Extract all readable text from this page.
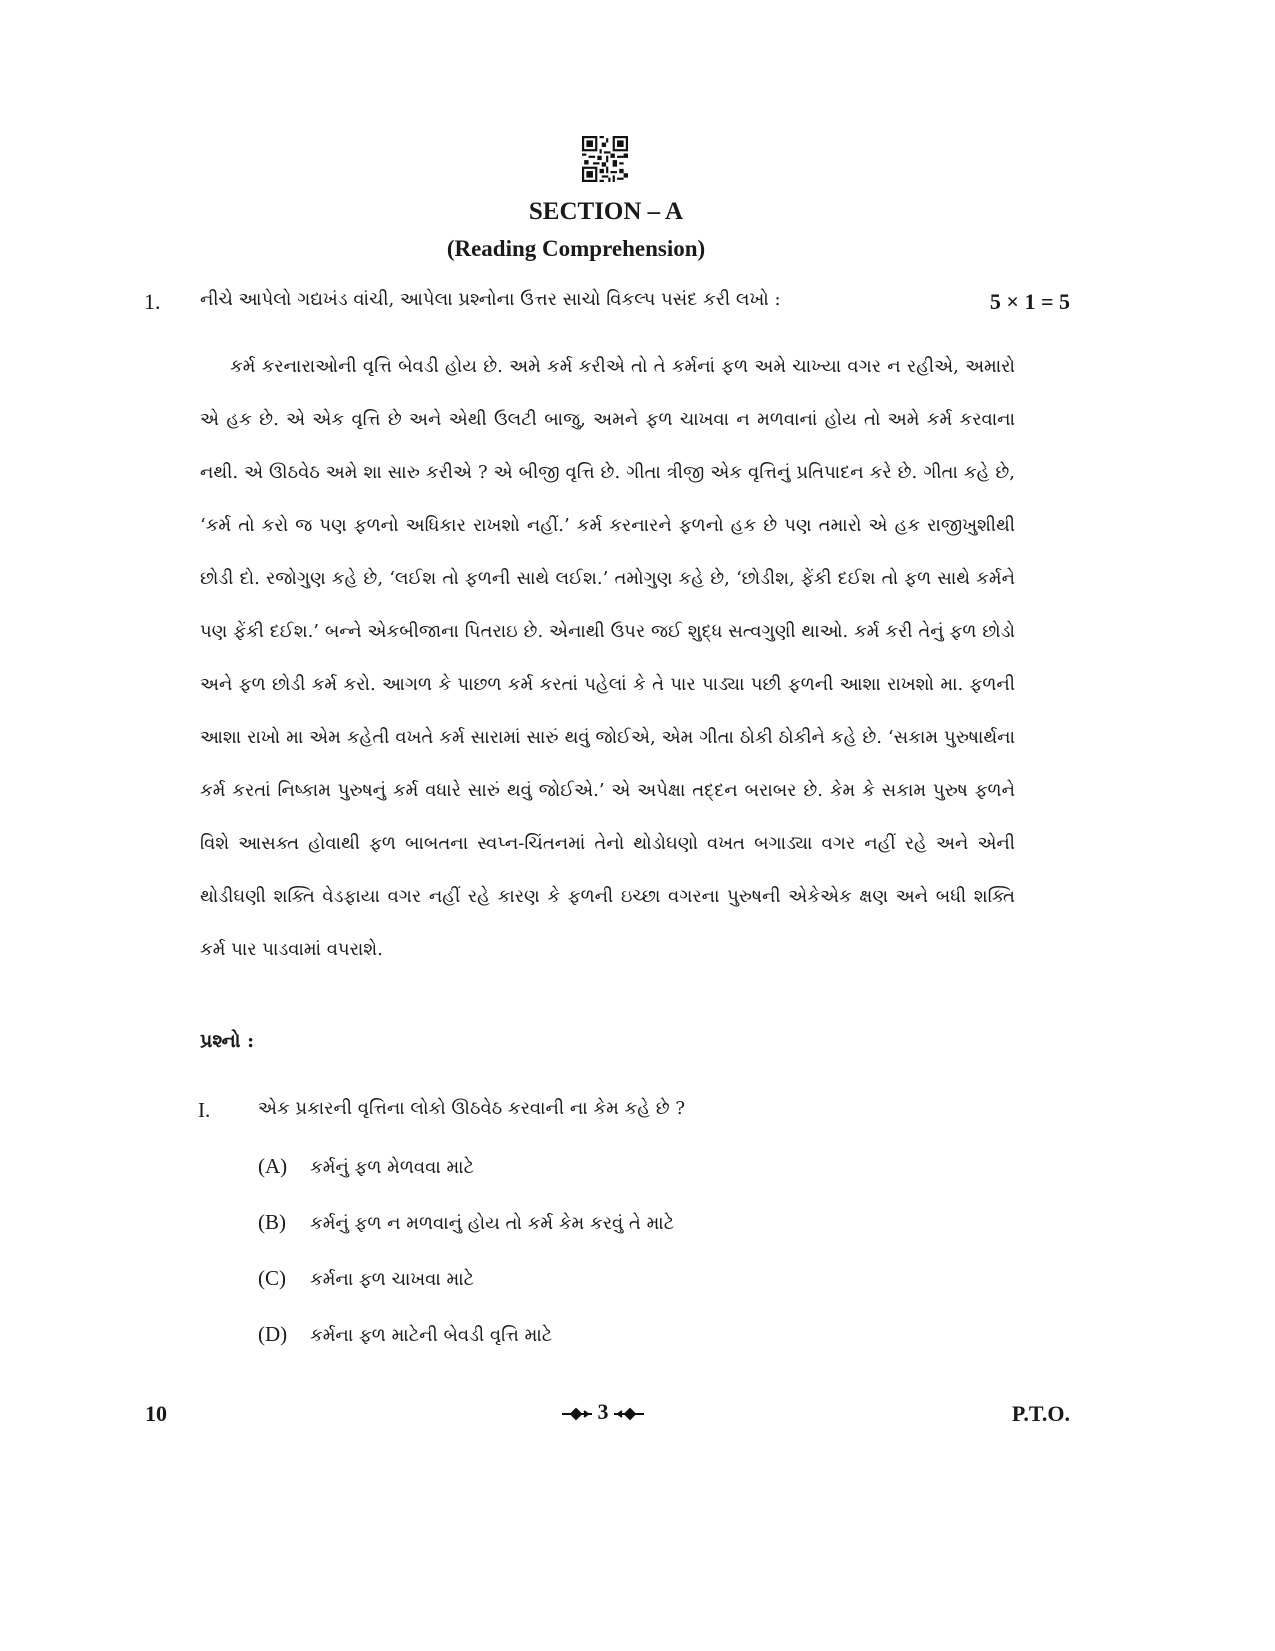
SECTION – A
(Reading Comprehension)
1. નીચે આપેલો ગદ્યખંડ વાંચી, આપેલા પ્રશ્નોના ઉત્તર સાચો વિકલ્પ પસંદ કરી લખો :	5 × 1 = 5

કર્મ કરનારાઓની વૃત્તિ બેવડી હોય છે. અમે કર્મ કરીએ તો તે કર્મનાં ફળ અમે ચાખ્યા વગર ન રહીએ, અમારો એ હક છે. એ એક વૃત્તિ છે અને એથી ઉલટી બાજુ, અમને ફળ ચાખવા ન મળવાનાં હોય તો અમે કર્મ કરવાના નથી. એ ઊઠવેઠ અમે શા સારુ કરીએ ? એ બીજી વૃત્તિ છે. ગીતા ત્રીજી એક વૃત્તિનું પ્રતિપાદન કરે છે. ગીતા કહે છે, ‘કર્મ તો કરો જ પણ ફળનો અધિકાર રાખશો નહીં.’ કર્મ કરનારને ફળનો હક છે પણ તમારો એ હક રાજીખુશીથી છોડી દો. રજોગુણ કહે છે, ‘લઈશ તો ફળની સાથે લઈશ.’ તમોગુણ કહે છે, ‘છોડીશ, ફેંકી દઈશ તો ફળ સાથે કર્મને પણ ફેંકી દઈશ.’ બન્ને એકબીજાના પિતરાઇ છે. એનાથી ઉપર જઈ શુદ્ધ સત્વગુણી થાઓ. કર્મ કરી તેનું ફળ છોડો અને ફળ છોડી કર્મ કરો. આગળ કે પાછળ કર્મ કરતાં પહેલાં કે તે પાર પાડ્યા પછી ફળની આશા રાખશો મા. ફળની આશા રાખો મા એમ કહેતી વખતે કર્મ સારામાં સારું થવું જોઈએ, એમ ગીતા ઠોકી ઠોકીને કહે છે. ‘સકામ પુરુષાર્થના કર્મ કરતાં નિષ્કામ પુરુષનું કર્મ વધારે સારું થવું જોઈએ.’ એ અપેક્ષા તદ્દન બરાબર છે. કેમ કે સકામ પુરુષ ફળને વિશે આસક્ત હોવાથી ફળ બાબતના સ્વપ્ન-ચિંતનમાં તેનો થોડોઘણો વખત બગાડ્યા વગર નહીં રહે અને એની થોડીઘણી શક્તિ વેડફાયા વગર નહીં રહે કારણ કે ફળની ઇચ્છા વગરના પુરુષની એકેએક ક્ષણ અને બધી શક્તિ કર્મ પાર પાડવામાં વપરાશે.

પ્રશ્નો :
I.	એક પ્રકારની વૃત્તિના લોકો ઊઠવેઠ કરવાની ના કેમ કહે છે ?
(A) કર્મનું ફળ મેળવવા માટે
(B) કર્મનું ફળ ન મળવાનું હોય તો કર્મ કેમ કરવું તે માટે
(C) કર્મના ફળ ચાખવા માટે
(D) કર્મના ફળ માટેની બેવડી વૃત્તિ માટે
10	3	P.T.O.
